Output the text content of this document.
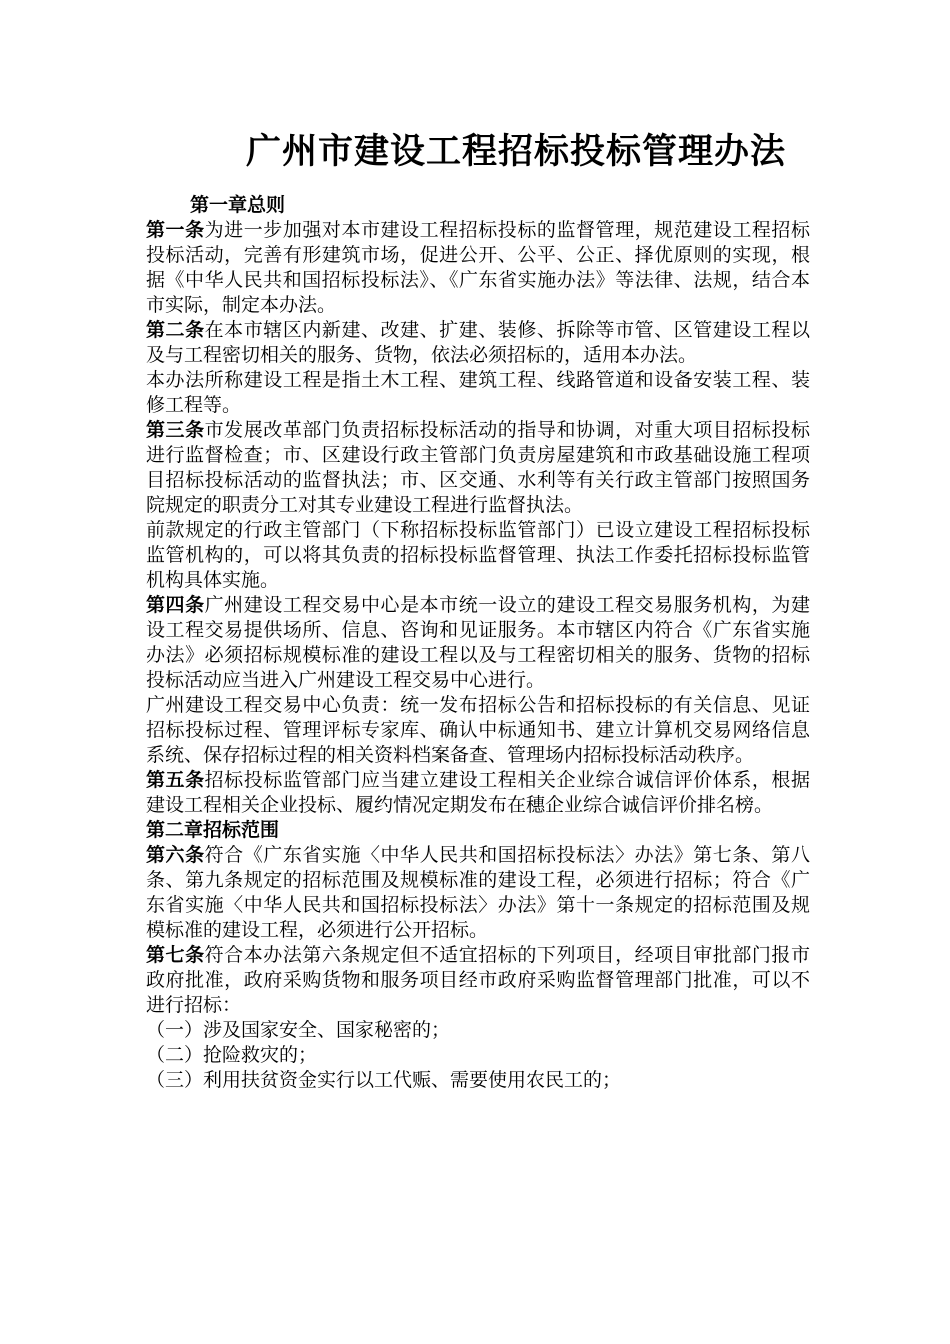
广州市建设工程招标投标管理办法

第一章总则

第一条为进一步加强对本市建设工程招标投标的监督管理，规范建设工程招标投标活动，完善有形建筑市场，促进公开、公平、公正、择优原则的实现，根据《中华人民共和国招标投标法》、《广东省实施办法》等法律、法规，结合本市实际，制定本办法。

第二条在本市辖区内新建、改建、扩建、装修、拆除等市管、区管建设工程以及与工程密切相关的服务、货物，依法必须招标的，适用本办法。

本办法所称建设工程是指土木工程、建筑工程、线路管道和设备安装工程、装修工程等。

第三条市发展改革部门负责招标投标活动的指导和协调，对重大项目招标投标进行监督检查；市、区建设行政主管部门负责房屋建筑和市政基础设施工程项目招标投标活动的监督执法；市、区交通、水利等有关行政主管部门按照国务院规定的职责分工对其专业建设工程进行监督执法。

前款规定的行政主管部门（下称招标投标监管部门）已设立建设工程招标投标监管机构的，可以将其负责的招标投标监督管理、执法工作委托招标投标监管机构具体实施。

第四条广州建设工程交易中心是本市统一设立的建设工程交易服务机构，为建设工程交易提供场所、信息、咨询和见证服务。本市辖区内符合《广东省实施办法》必须招标规模标准的建设工程以及与工程密切相关的服务、货物的招标投标活动应当进入广州建设工程交易中心进行。

广州建设工程交易中心负责：统一发布招标公告和招标投标的有关信息、见证招标投标过程、管理评标专家库、确认中标通知书、建立计算机交易网络信息系统、保存招标过程的相关资料档案备查、管理场内招标投标活动秩序。

第五条招标投标监管部门应当建立建设工程相关企业综合诚信评价体系，根据建设工程相关企业投标、履约情况定期发布在穗企业综合诚信评价排名榜。

第二章招标范围

第六条符合《广东省实施〈中华人民共和国招标投标法〉办法》第七条、第八条、第九条规定的招标范围及规模标准的建设工程，必须进行招标；符合《广东省实施〈中华人民共和国招标投标法〉办法》第十一条规定的招标范围及规模标准的建设工程，必须进行公开招标。

第七条符合本办法第六条规定但不适宜招标的下列项目，经项目审批部门报市政府批准，政府采购货物和服务项目经市政府采购监督管理部门批准，可以不进行招标：

（一）涉及国家安全、国家秘密的；

（二）抢险救灾的；

（三）利用扶贫资金实行以工代赈、需要使用农民工的；
